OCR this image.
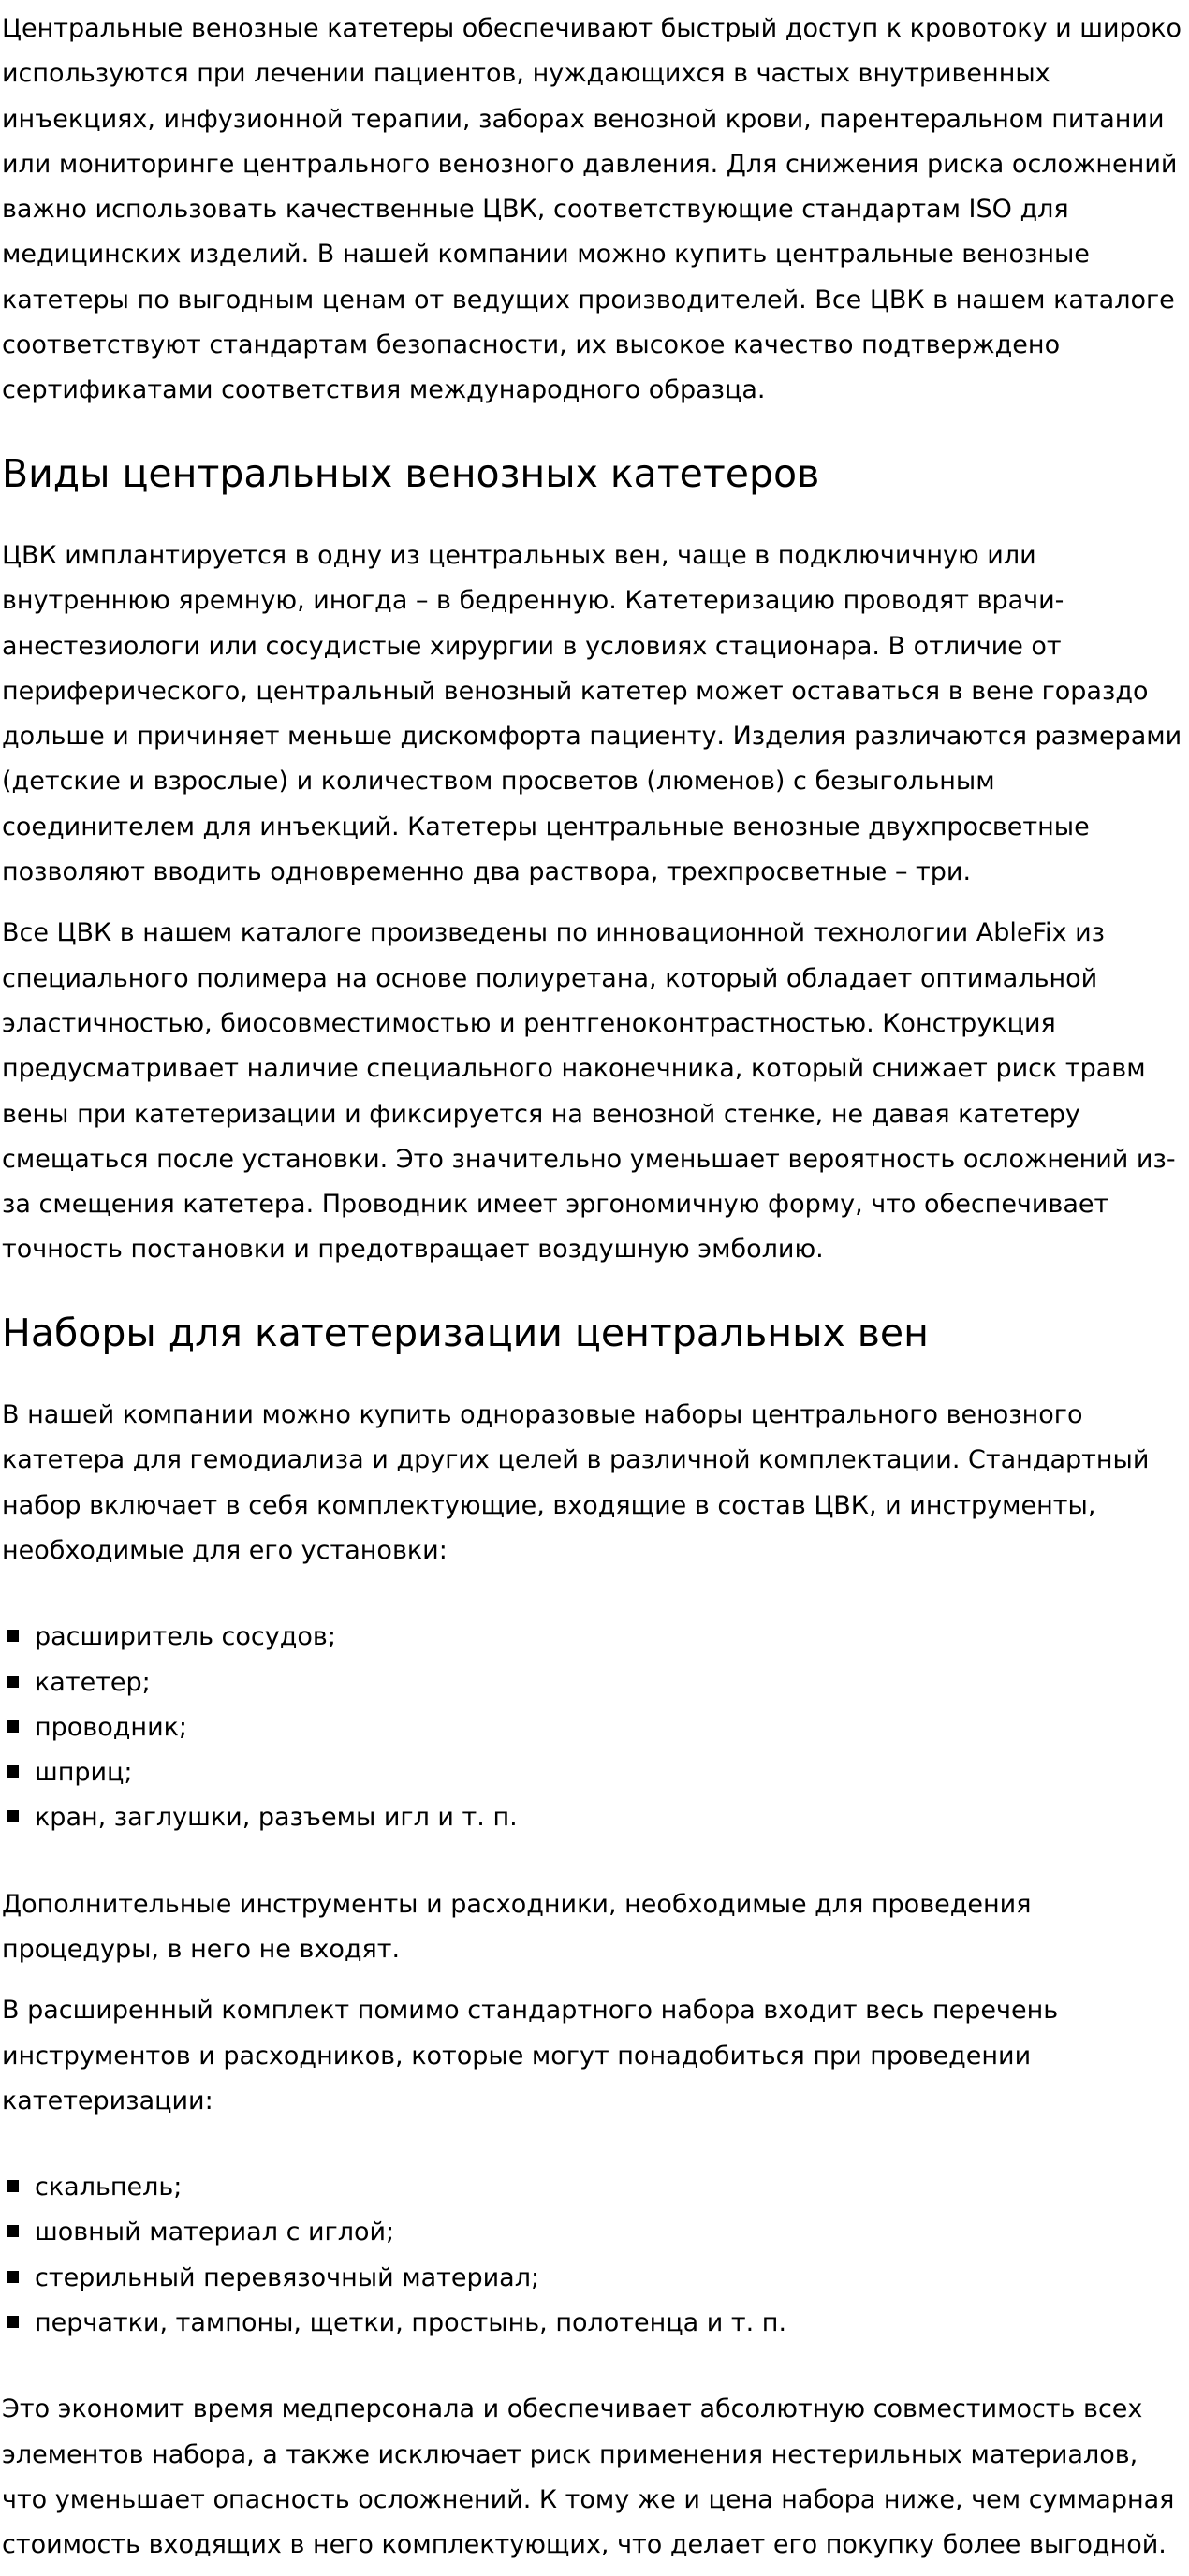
Центральные венозные катетеры обеспечивают быстрый доступ к кровотоку и широко используются при лечении пациентов, нуждающихся в частых внутривенных инъекциях, инфузионной терапии, заборах венозной крови, парентеральном питании или мониторинге центрального венозного давления. Для снижения риска осложнений важно использовать качественные ЦВК, соответствующие стандартам ISO для медицинских изделий. В нашей компании можно купить центральные венозные катетеры по выгодным ценам от ведущих производителей. Все ЦВК в нашем каталоге соответствуют стандартам безопасности, их высокое качество подтверждено сертификатами соответствия международного образца.

Виды центральных венозных катетеров

ЦВК имплантируется в одну из центральных вен, чаще в подключичную или внутреннюю яремную, иногда – в бедренную. Катетеризацию проводят врачи-анестезиологи или сосудистые хирургии в условиях стационара. В отличие от периферического, центральный венозный катетер может оставаться в вене гораздо дольше и причиняет меньше дискомфорта пациенту. Изделия различаются размерами (детские и взрослые) и количеством просветов (люменов) с безыгольным соединителем для инъекций. Катетеры центральные венозные двухпросветные позволяют вводить одновременно два раствора, трехпросветные – три.

Все ЦВК в нашем каталоге произведены по инновационной технологии AbleFix из специального полимера на основе полиуретана, который обладает оптимальной эластичностью, биосовместимостью и рентгеноконтрастностью. Конструкция предусматривает наличие специального наконечника, который снижает риск травм вены при катетеризации и фиксируется на венозной стенке, не давая катетеру смещаться после установки. Это значительно уменьшает вероятность осложнений из-за смещения катетера. Проводник имеет эргономичную форму, что обеспечивает точность постановки и предотвращает воздушную эмболию.

Наборы для катетеризации центральных вен

В нашей компании можно купить одноразовые наборы центрального венозного катетера для гемодиализа и других целей в различной комплектации. Стандартный набор включает в себя комплектующие, входящие в состав ЦВК, и инструменты, необходимые для его установки:

расширитель сосудов;
катетер;
проводник;
шприц;
кран, заглушки, разъемы игл и т. п.

Дополнительные инструменты и расходники, необходимые для проведения процедуры, в него не входят.

В расширенный комплект помимо стандартного набора входит весь перечень инструментов и расходников, которые могут понадобиться при проведении катетеризации:

скальпель;
шовный материал с иглой;
стерильный перевязочный материал;
перчатки, тампоны, щетки, простынь, полотенца и т. п.

Это экономит время медперсонала и обеспечивает абсолютную совместимость всех элементов набора, а также исключает риск применения нестерильных материалов, что уменьшает опасность осложнений. К тому же и цена набора ниже, чем суммарная стоимость входящих в него комплектующих, что делает его покупку более выгодной.
